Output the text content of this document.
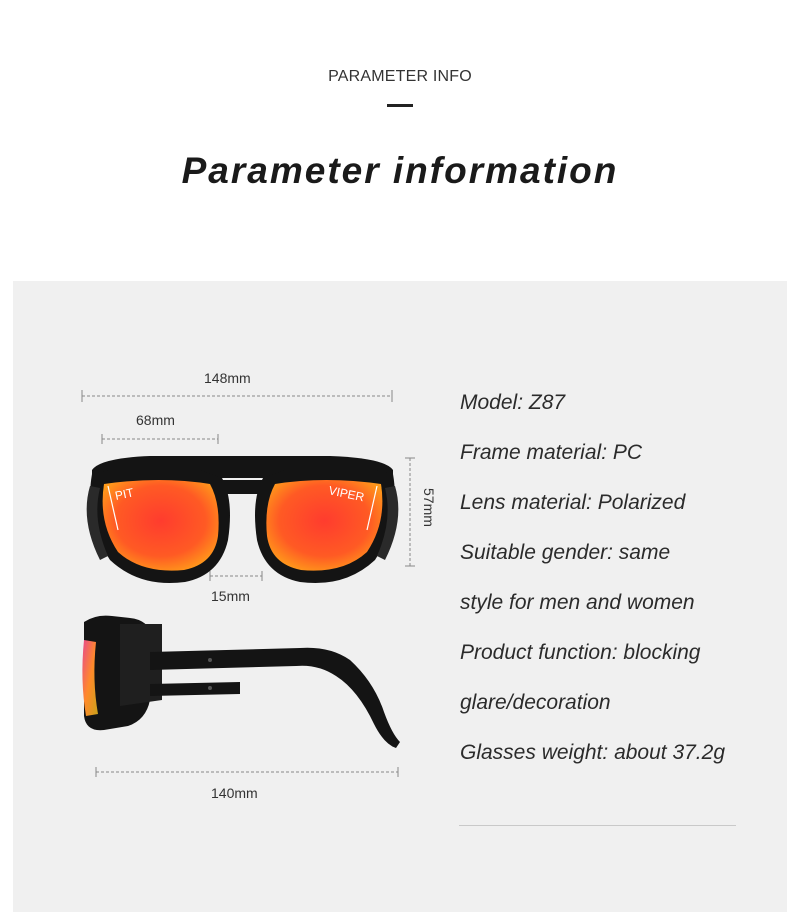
PARAMETER INFO
Parameter information
148mm
68mm
15mm
140mm
57mm
PIT	VIPER
Model: Z87
Frame material: PC
Lens material: Polarized
Suitable gender: same
style for men and women
Product function: blocking
glare/decoration
Glasses weight: about 37.2g
